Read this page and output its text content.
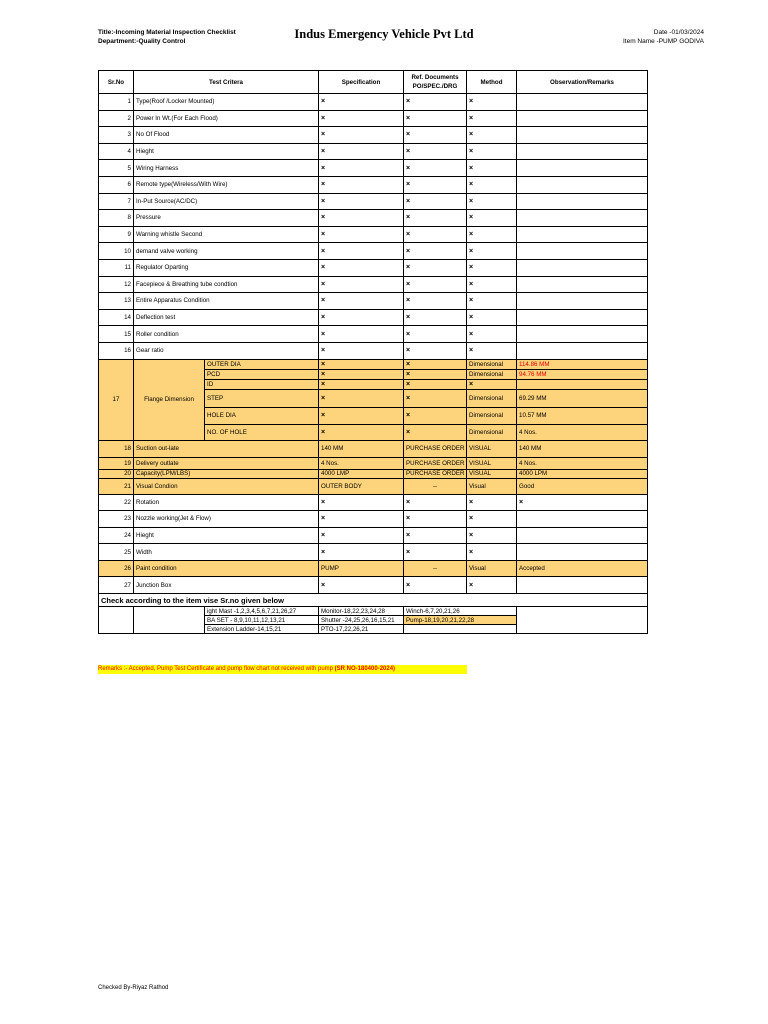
Title:-Incoming Material Inspection Checklist
Department:-Quality Control
Indus Emergency Vehicle Pvt Ltd	Date -01/03/2024
Item Name -PUMP GODIVA
Sr.No	Test Critera		Specification	Ref. Documents
PO/SPEC./DRG	Method	Observation/Remarks
1	Type(Roof /Locker Mounted)		×	×	×	
2	Power In Wt.(For Each Flood)		×	×	×	
3	No Of Flood		×	×	×	
4	Hieght		×	×	×	
5	Wiring Harness		×	×	×	
6	Remote type(Wireless/With Wire)		×	×	×	
7	In-Put Source(AC/DC)		×	×	×	
8	Pressure		×	×	×	
9	Warning whistle Second		×	×	×	
10	demand valve working		×	×	×	
11	Regulator Oparting		×	×	×	
12	Facepiece & Breathing tube condtion		×	×	×	
13	Entire Apparatus Condition		×	×	×	
14	Deflection test		×	×	×	
15	Roller condition		×	×	×	
16	Gear ratio		×	×	×	
17	Flange Dimension	OUTER DIA	×	×	Dimensional	114.86 MM
		PCD	×	×	Dimensional	94.76 MM
		ID	×	×	×	
		STEP	×	×	Dimensional	69.29 MM
		HOLE DIA	×	×	Dimensional	10.57 MM
		NO. OF HOLE	×	×	Dimensional	4 Nos.
18	Suction out-late		140 MM	PURCHASE ORDER	VISUAL	140 MM
19	Delivery outlate		4 Nos.	PURCHASE ORDER	VISUAL	4 Nos.
20	Capacity(LPM/LBS)		4000 LMP	PURCHASE ORDER	VISUAL	4000 LPM
21	Visual Condion		OUTER BODY	--	Visual	Good
22	Rotation		×	×	×	×
23	Nozzle working(Jet & Flow)		×	×	×	
24	Hieght		×	×	×	
25	Width		×	×	×	
26	Paint condition		PUMP	--	Visual	Accepted
27	Junction Box		×	×	×	
Check according to the item vise Sr.no given below						
		ight Mast -1,2,3,4,5,6,7,21,26,27	Monitor-18,22,23,24,28	Winch-6,7,20,21,26		
		BA SET - 8,9,10,11,12,13,21	Shutter -24,25,26,16,15,21	Pump-18,19,20,21,22,28		
		Extension Ladder-14,15,21	PTO-17,22,26,21			
Remarks :- Accepted, Pump Test Certificate and pump flow chart not received with pump (SR NO-180400-2024)
Checked By-Riyaz Rathod
